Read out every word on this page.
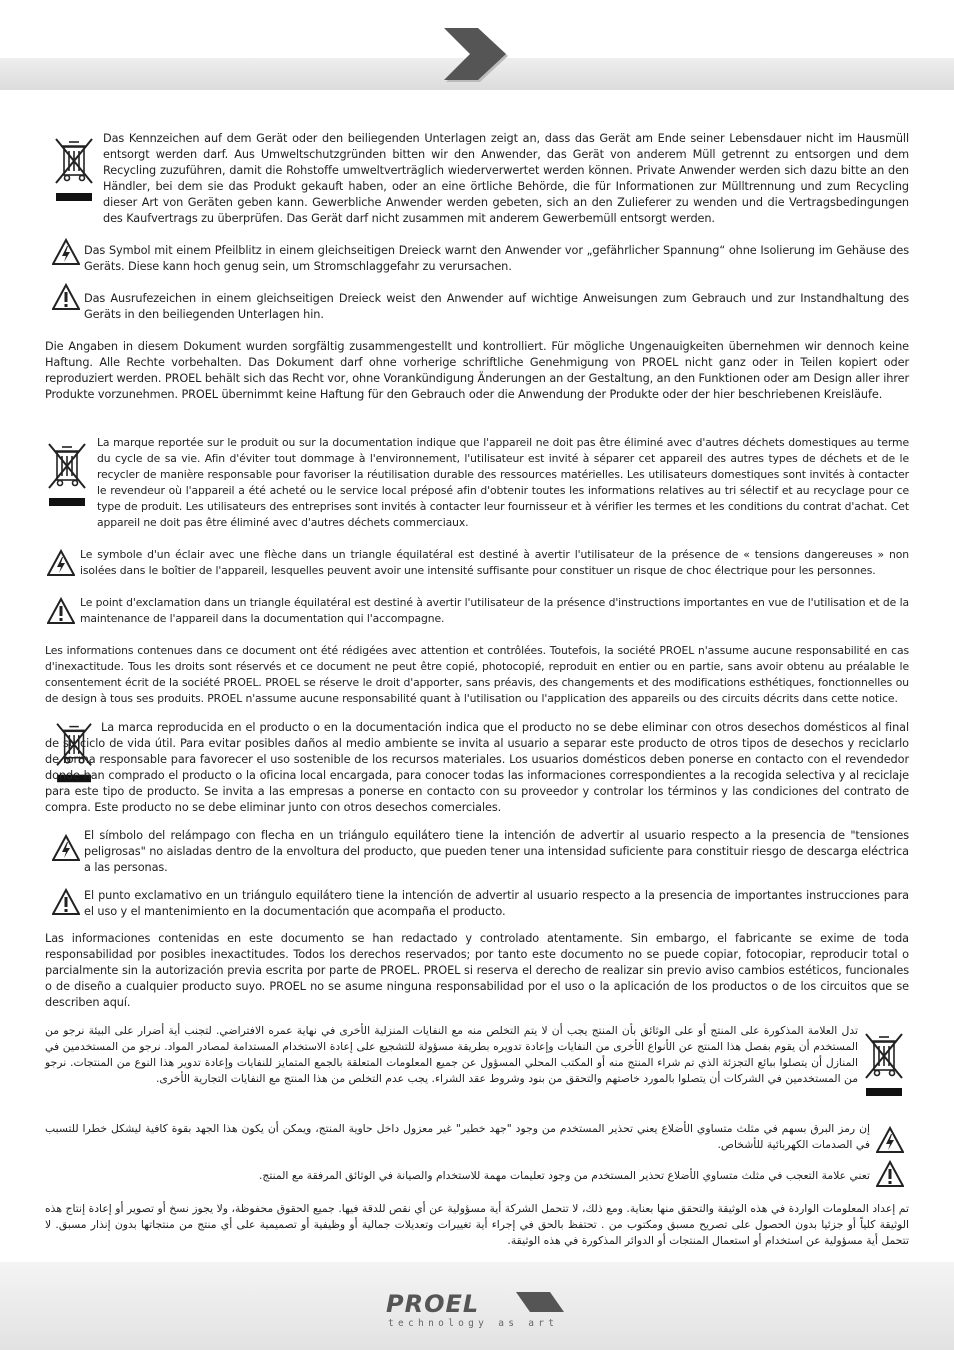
Das Kennzeichen auf dem Gerät oder den beiliegenden Unterlagen zeigt an, dass das Gerät am Ende seiner Lebensdauer nicht im Hausmüll entsorgt werden darf. Aus Umweltschutzgründen bitten wir den Anwender, das Gerät von anderem Müll getrennt zu entsorgen und dem Recycling zuzuführen, damit die Rohstoffe umweltverträglich wiederverwertet werden können. Private Anwender werden sich dazu bitte an den Händler, bei dem sie das Produkt gekauft haben, oder an eine örtliche Behörde, die für Informationen zur Mülltrennung und zum Recycling dieser Art von Geräten geben kann. Gewerbliche Anwender werden gebeten, sich an den Zulieferer zu wenden und die Vertragsbedingungen des Kaufvertrags zu überprüfen. Das Gerät darf nicht zusammen mit anderem Gewerbemüll entsorgt werden.

Das Symbol mit einem Pfeilblitz in einem gleichseitigen Dreieck warnt den Anwender vor „gefährlicher Spannung“ ohne Isolierung im Gehäuse des Geräts. Diese kann hoch genug sein, um Stromschlaggefahr zu verursachen.

Das Ausrufezeichen in einem gleichseitigen Dreieck weist den Anwender auf wichtige Anweisungen zum Gebrauch und zur Instandhaltung des Geräts in den beiliegenden Unterlagen hin.

Die Angaben in diesem Dokument wurden sorgfältig zusammengestellt und kontrolliert. Für mögliche Ungenauigkeiten übernehmen wir dennoch keine Haftung. Alle Rechte vorbehalten. Das Dokument darf ohne vorherige schriftliche Genehmigung von PROEL nicht ganz oder in Teilen kopiert oder reproduziert werden. PROEL behält sich das Recht vor, ohne Vorankündigung Änderungen an der Gestaltung, an den Funktionen oder am Design aller ihrer Produkte vorzunehmen. PROEL übernimmt keine Haftung für den Gebrauch oder die Anwendung der Produkte oder der hier beschriebenen Kreisläufe.

La marque reportée sur le produit ou sur la documentation indique que l'appareil ne doit pas être éliminé avec d'autres déchets domestiques au terme du cycle de sa vie. Afin d'éviter tout dommage à l'environnement, l'utilisateur est invité à séparer cet appareil des autres types de déchets et de le recycler de manière responsable pour favoriser la réutilisation durable des ressources matérielles. Les utilisateurs domestiques sont invités à contacter le revendeur où l'appareil a été acheté ou le service local préposé afin d'obtenir toutes les informations relatives au tri sélectif et au recyclage pour ce type de produit. Les utilisateurs des entreprises sont invités à contacter leur fournisseur et à vérifier les termes et les conditions du contrat d'achat. Cet appareil ne doit pas être éliminé avec d'autres déchets commerciaux.

Le symbole d'un éclair avec une flèche dans un triangle équilatéral est destiné à avertir l'utilisateur de la présence de « tensions dangereuses » non isolées dans le boîtier de l'appareil, lesquelles peuvent avoir une intensité suffisante pour constituer un risque de choc électrique pour les personnes.

Le point d'exclamation dans un triangle équilatéral est destiné à avertir l'utilisateur de la présence d'instructions importantes en vue de l'utilisation et de la maintenance de l'appareil dans la documentation qui l'accompagne.

Les informations contenues dans ce document ont été rédigées avec attention et contrôlées. Toutefois, la société PROEL n'assume aucune responsabilité en cas d'inexactitude. Tous les droits sont réservés et ce document ne peut être copié, photocopié, reproduit en entier ou en partie, sans avoir obtenu au préalable le consentement écrit de la société PROEL. PROEL se réserve le droit d'apporter, sans préavis, des changements et des modifications esthétiques, fonctionnelles ou de design à tous ses produits. PROEL n'assume aucune responsabilité quant à l'utilisation ou l'application des appareils ou des circuits décrits dans cette notice.

La marca reproducida en el producto o en la documentación indica que el producto no se debe eliminar con otros desechos domésticos al final de su ciclo de vida útil. Para evitar posibles daños al medio ambiente se invita al usuario a separar este producto de otros tipos de desechos y reciclarlo de forma responsable para favorecer el uso sostenible de los recursos materiales. Los usuarios domésticos deben ponerse en contacto con el revendedor donde han comprado el producto o la oficina local encargada, para conocer todas las informaciones correspondientes a la recogida selectiva y al reciclaje para este tipo de producto. Se invita a las empresas a ponerse en contacto con su proveedor y controlar los términos y las condiciones del contrato de compra. Este producto no se debe eliminar junto con otros desechos comerciales.

El símbolo del relámpago con flecha en un triángulo equilátero tiene la intención de advertir al usuario respecto a la presencia de "tensiones peligrosas" no aisladas dentro de la envoltura del producto, que pueden tener una intensidad suficiente para constituir riesgo de descarga eléctrica a las personas.

El punto exclamativo en un triángulo equilátero tiene la intención de advertir al usuario respecto a la presencia de importantes instrucciones para el uso y el mantenimiento en la documentación que acompaña el producto.

Las informaciones contenidas en este documento se han redactado y controlado atentamente. Sin embargo, el fabricante se exime de toda responsabilidad por posibles inexactitudes. Todos los derechos reservados; por tanto este documento no se puede copiar, fotocopiar, reproducir total o parcialmente sin la autorización previa escrita por parte de PROEL. PROEL si reserva el derecho de realizar sin previo aviso cambios estéticos, funcionales o de diseño a cualquier producto suyo. PROEL no se asume ninguna responsabilidad por el uso o la aplicación de los productos o de los circuitos que se describen aquí.

تدل العلامة المذكورة على المنتج أو على الوثائق بأن المنتج يجب أن لا يتم التخلص منه مع النفايات المنزلية الأخرى في نهاية عمره الافتراضي. لتجنب أية أضرار على البيئة نرجو من المستخدم أن يقوم بفصل هذا المنتج عن الأنواع الأخرى من النفايات وإعادة تدويره بطريقة مسؤولة للتشجيع على إعادة الاستخدام المستدامة لمصادر المواد. نرجو من المستخدمين في المنازل أن يتصلوا ببائع التجزئة الذي تم شراء المنتج منه أو المكتب المحلي المسؤول عن جميع المعلومات المتعلقة بالجمع المتمايز للنفايات وإعادة تدوير هذا النوع من المنتجات. نرجو من المستخدمين في الشركات أن يتصلوا بالمورد خاصتهم والتحقق من بنود وشروط عقد الشراء. يجب عدم التخلص من هذا المنتج مع النفايات التجارية الأخرى.

إن رمز البرق بسهم في مثلث متساوي الأضلاع يعني تحذير المستخدم من وجود "جهد خطير" غير معزول داخل حاوية المنتج، ويمكن أن يكون هذا الجهد بقوة كافية ليشكل خطرا للتسبب في الصدمات الكهربائية للأشخاص.

تعني علامة التعجب في مثلث متساوي الأضلاع تحذير المستخدم من وجود تعليمات مهمة للاستخدام والصيانة في الوثائق المرفقة مع المنتج.

تم إعداد المعلومات الواردة في هذه الوثيقة والتحقق منها بعناية. ومع ذلك، لا تتحمل الشركة أية مسؤولية عن أي نقص للدقة فيها. جميع الحقوق محفوظة، ولا يجوز نسخ أو تصوير أو إعادة إنتاج هذه الوثيقة كلياً أو جزئيا بدون الحصول على تصريح مسبق ومكتوب من . تحتفظ بالحق في إجراء أية تغييرات وتعديلات جمالية أو وظيفية أو تصميمية على أي منتج من منتجاتها بدون إنذار مسبق. لا تتحمل أية مسؤولية عن استخدام أو استعمال المنتجات أو الدوائر المذكورة في هذه الوثيقة.

PROEL
technology as art
